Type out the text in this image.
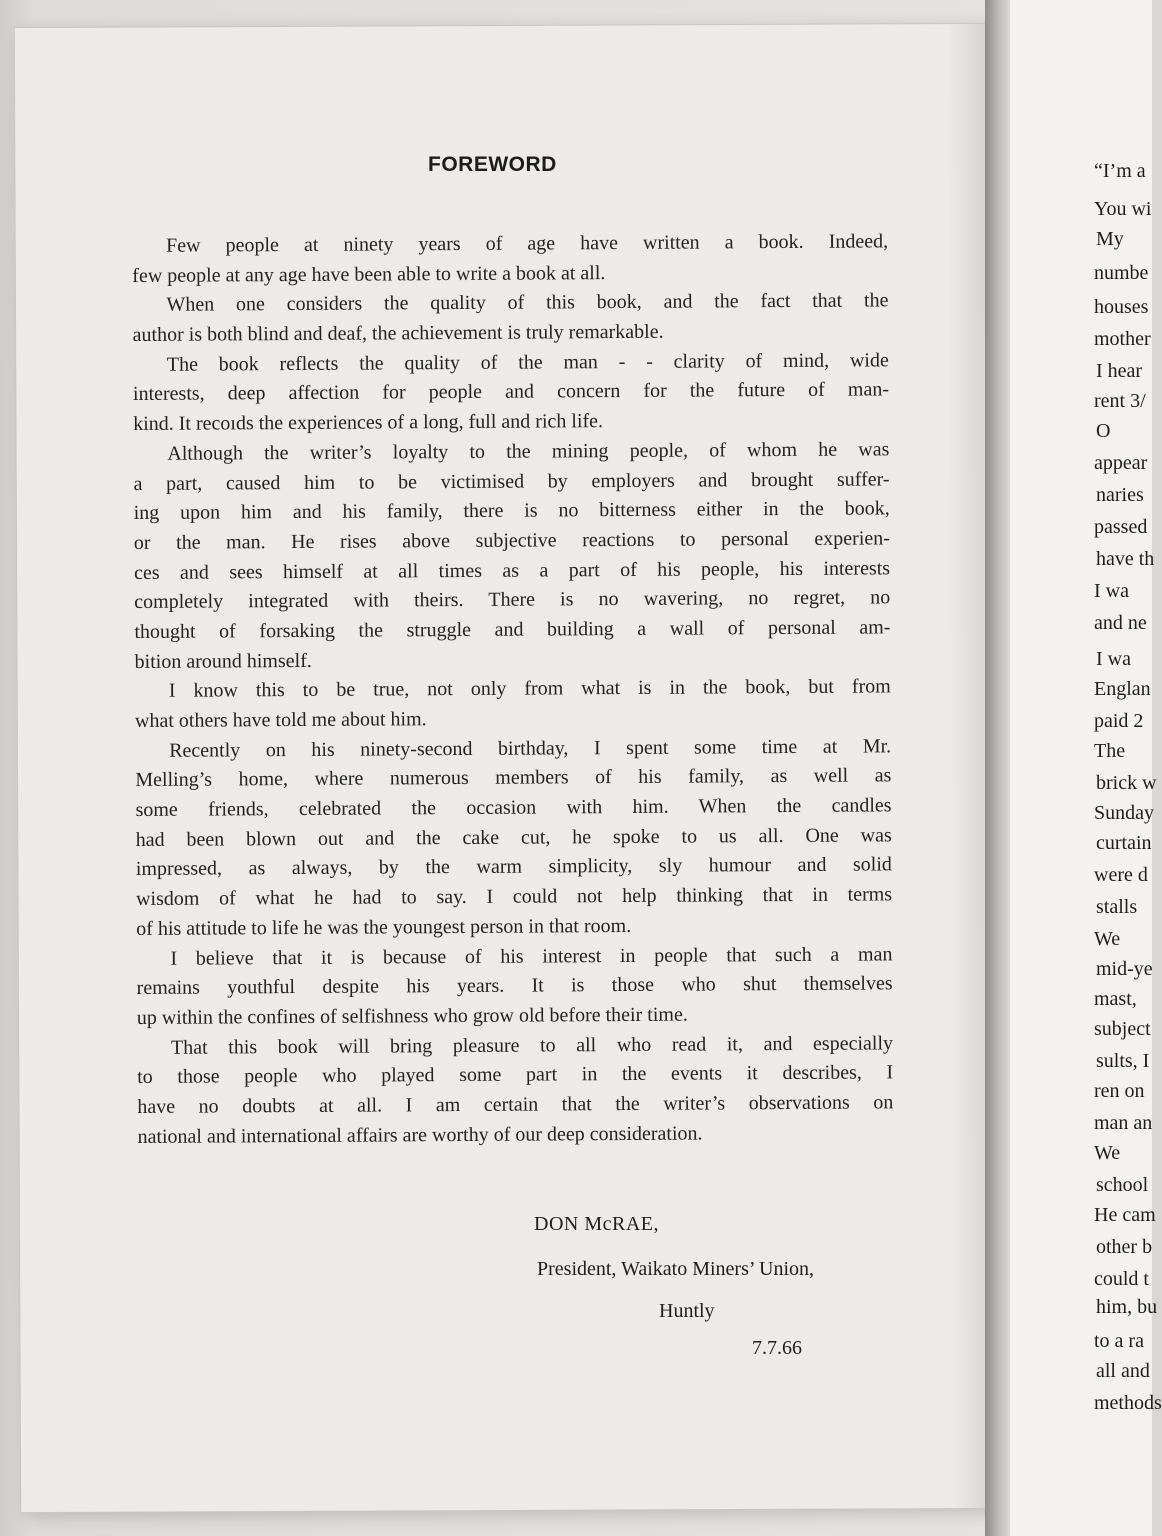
“I’m a
You wi
My
numbe
houses
mother
I hear
rent 3/
O
appear
naries
passed
have th
I wa
and ne
I wa
Englan
paid 2
The
brick w
Sunday
curtain
were d
stalls
We
mid-ye
mast,
subject
sults, I
ren on
man an
We
school
He cam
other b
could t
him, bu
to a ra
all and
methods
FOREWORD
Few people at ninety years of age have written a book. Indeed,
few people at any age have been able to write a book at all.
When one considers the quality of this book, and the fact that the
author is both blind and deaf, the achievement is truly remarkable.
The book reflects the quality of the man - - clarity of mind, wide
interests, deep affection for people and concern for the future of man-
kind. It recoıds the experiences of a long, full and rich life.
Although the writer’s loyalty to the mining people, of whom he was
a part, caused him to be victimised by employers and brought suffer-
ing upon him and his family, there is no bitterness either in the book,
or the man. He rises above subjective reactions to personal experien-
ces and sees himself at all times as a part of his people, his interests
completely integrated with theirs. There is no wavering, no regret, no
thought of forsaking the struggle and building a wall of personal am-
bition around himself.
I know this to be true, not only from what is in the book, but from
what others have told me about him.
Recently on his ninety-second birthday, I spent some time at Mr.
Melling’s home, where numerous members of his family, as well as
some friends, celebrated the occasion with him. When the candles
had been blown out and the cake cut, he spoke to us all. One was
impressed, as always, by the warm simplicity, sly humour and solid
wisdom of what he had to say. I could not help thinking that in terms
of his attitude to life he was the youngest person in that room.
I believe that it is because of his interest in people that such a man
remains youthful despite his years. It is those who shut themselves
up within the confines of selfishness who grow old before their time.
That this book will bring pleasure to all who read it, and especially
to those people who played some part in the events it describes, I
have no doubts at all. I am certain that the writer’s observations on
national and international affairs are worthy of our deep consideration.
DON McRAE,
President, Waikato Miners’ Union,
Huntly
7.7.66
